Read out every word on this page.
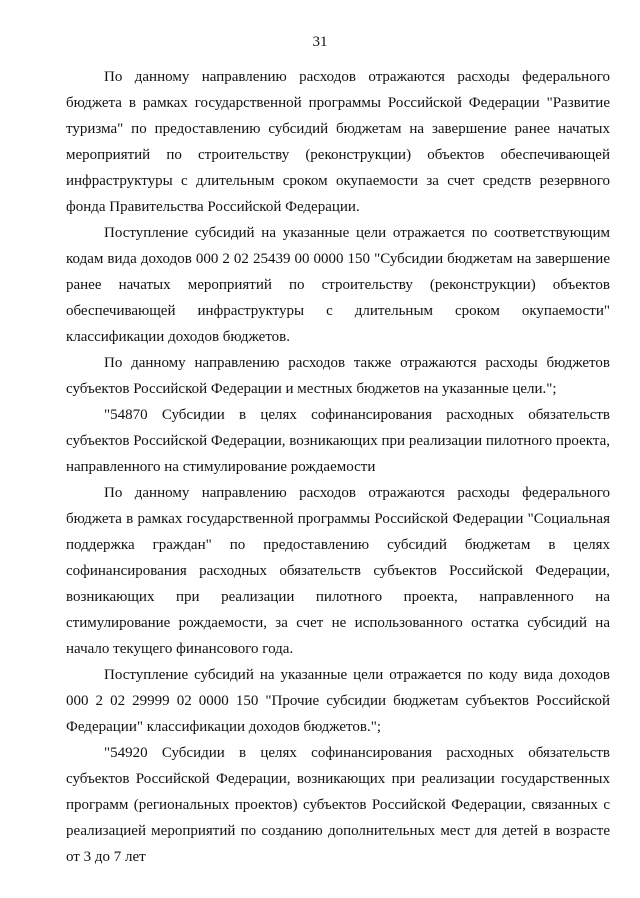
31

По данному направлению расходов отражаются расходы федерального бюджета в рамках государственной программы Российской Федерации "Развитие туризма" по предоставлению субсидий бюджетам на завершение ранее начатых мероприятий по строительству (реконструкции) объектов обеспечивающей инфраструктуры с длительным сроком окупаемости за счет средств резервного фонда Правительства Российской Федерации.

Поступление субсидий на указанные цели отражается по соответствующим кодам вида доходов 000 2 02 25439 00 0000 150 "Субсидии бюджетам на завершение ранее начатых мероприятий по строительству (реконструкции) объектов обеспечивающей инфраструктуры с длительным сроком окупаемости" классификации доходов бюджетов.

По данному направлению расходов также отражаются расходы бюджетов субъектов Российской Федерации и местных бюджетов на указанные цели.";

"54870 Субсидии в целях софинансирования расходных обязательств субъектов Российской Федерации, возникающих при реализации пилотного проекта, направленного на стимулирование рождаемости

По данному направлению расходов отражаются расходы федерального бюджета в рамках государственной программы Российской Федерации "Социальная поддержка граждан" по предоставлению субсидий бюджетам в целях софинансирования расходных обязательств субъектов Российской Федерации, возникающих при реализации пилотного проекта, направленного на стимулирование рождаемости, за счет не использованного остатка субсидий на начало текущего финансового года.

Поступление субсидий на указанные цели отражается по коду вида доходов 000 2 02 29999 02 0000 150 "Прочие субсидии бюджетам субъектов Российской Федерации" классификации доходов бюджетов.";

"54920 Субсидии в целях софинансирования расходных обязательств субъектов Российской Федерации, возникающих при реализации государственных программ (региональных проектов) субъектов Российской Федерации, связанных с реализацией мероприятий по созданию дополнительных мест для детей в возрасте от 3 до 7 лет
